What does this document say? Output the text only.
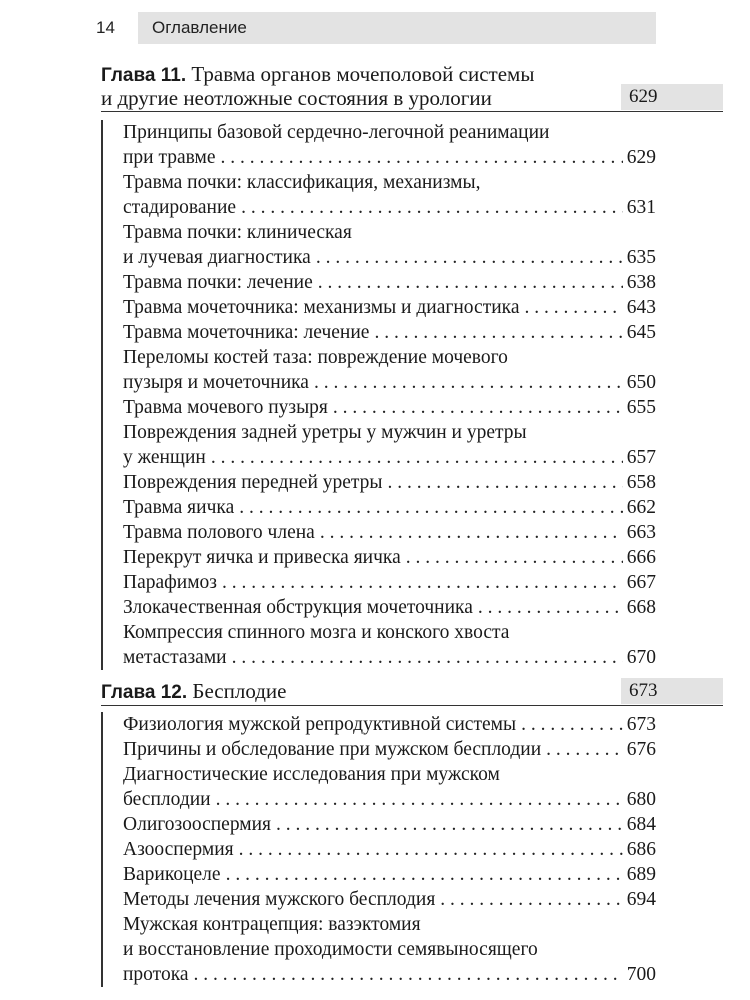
14	Оглавление
Глава 11. Травма органов мочеполовой системы
и другие неотложные состояния в урологии	629
Принципы базовой сердечно-легочной реанимации
при травме . . .	629
Травма почки: классификация, механизмы,
стадирование . . .	631
Травма почки: клиническая
и лучевая диагностика . . .	635
Травма почки: лечение . . .	638
Травма мочеточника: механизмы и диагностика . . .	643
Травма мочеточника: лечение . . .	645
Переломы костей таза: повреждение мочевого
пузыря и мочеточника . . .	650
Травма мочевого пузыря . . .	655
Повреждения задней уретры у мужчин и уретры
у женщин . . .	657
Повреждения передней уретры . . .	658
Травма яичка . . .	662
Травма полового члена . . .	663
Перекрут яичка и привеска яичка . . .	666
Парафимоз . . .	667
Злокачественная обструкция мочеточника . . .	668
Компрессия спинного мозга и конского хвоста
метастазами . . .	670
Глава 12. Бесплодие	673
Физиология мужской репродуктивной системы . . .	673
Причины и обследование при мужском бесплодии . . .	676
Диагностические исследования при мужском
бесплодии . . .	680
Олигозооспермия . . .	684
Азооспермия . . .	686
Варикоцеле . . .	689
Методы лечения мужского бесплодия . . .	694
Мужская контрацепция: вазэктомия
и восстановление проходимости семявыносящего
протока . . .	700
